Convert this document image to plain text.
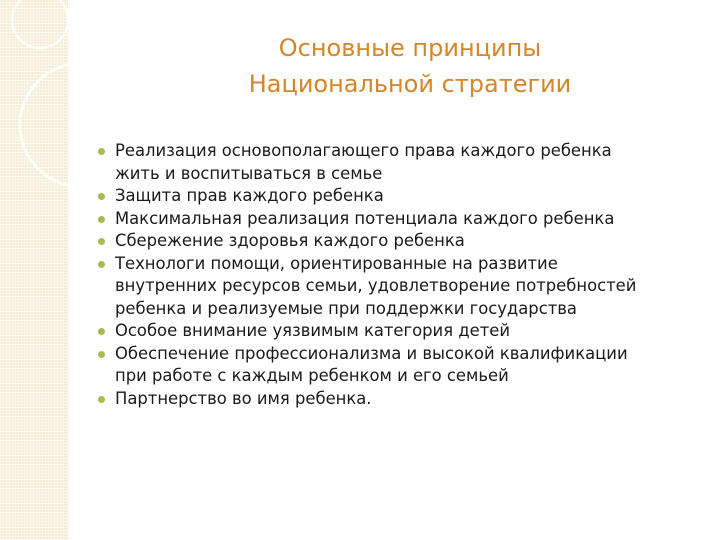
Основные принципы
Национальной стратегии
Реализация основополагающего права каждого ребенка
жить и воспитываться в семье
Защита прав каждого ребенка
Максимальная реализация потенциала каждого ребенка
Сбережение здоровья каждого ребенка
Технологи помощи, ориентированные на развитие
внутренних ресурсов семьи, удовлетворение потребностей
ребенка и реализуемые при поддержки государства
Особое внимание уязвимым категория детей
Обеспечение профессионализма и высокой квалификации
при работе с каждым ребенком и его семьей
Партнерство во имя ребенка.
